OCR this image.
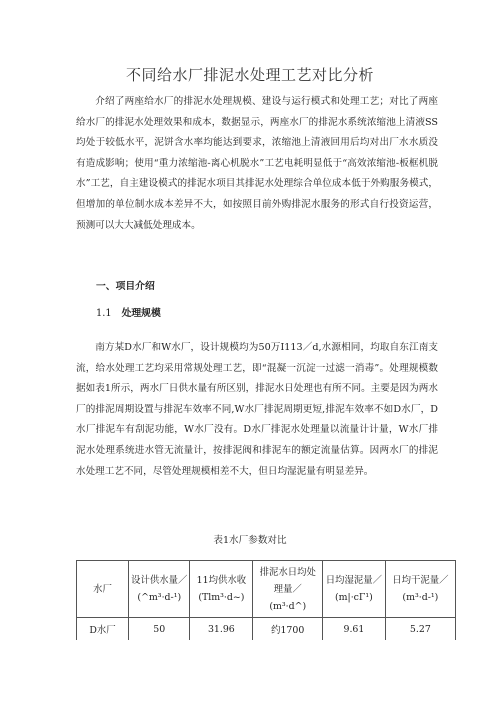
不同给水厂排泥水处理工艺对比分析

介绍了两座给水厂的排泥水处理规模、建设与运行模式和处理工艺；对比了两座给水厂的排泥水处理效果和成本，数据显示，两座水厂的排泥水系统浓缩池上清液SS均处于较低水平，泥饼含水率均能达到要求，浓缩池上清液回用后均对出厂水水质没有造成影响；使用“重力浓缩池-离心机脱水”工艺电耗明显低于“高效浓缩池-板框机脱水”工艺，自主建设模式的排泥水项目其排泥水处理综合单位成本低于外购服务模式，但增加的单位制水成本差异不大，如按照目前外购排泥水服务的形式自行投资运营，预测可以大大减低处理成本。

一、项目介绍
1.1 处理规模

南方某D水厂和W水厂，设计规模均为50万I113／d,水源相同，均取自东江南支流，给水处理工艺均采用常规处理工艺，即“混凝一沉淀一过滤一消毒”。处理规模数据如表1所示，两水厂日供水量有所区别，排泥水日处理也有所不同。主要是因为两水厂的排泥周期设置与排泥车效率不同,W水厂排泥周期更短,排泥车效率不如D水厂，D水厂排泥车有刮泥功能，W水厂没有。D水厂排泥水处理量以流量计计量，W水厂排泥水处理系统进水管无流量计，按排泥阀和排泥车的额定流量估算。因两水厂的排泥水处理工艺不同，尽管处理规模相差不大，但日均湿泥量有明显差异。

表1水厂参数对比
水厂	设计供水量／(^m³·d-¹)	11均供水收(Tlm³·d~)	排泥水日均处理量／(m³·d^)	日均湿泥量／(m|·cΓ¹)	日均干泥量／(m³·d-¹)
D水厂	50	31.96	约1700	9.61	5.27
